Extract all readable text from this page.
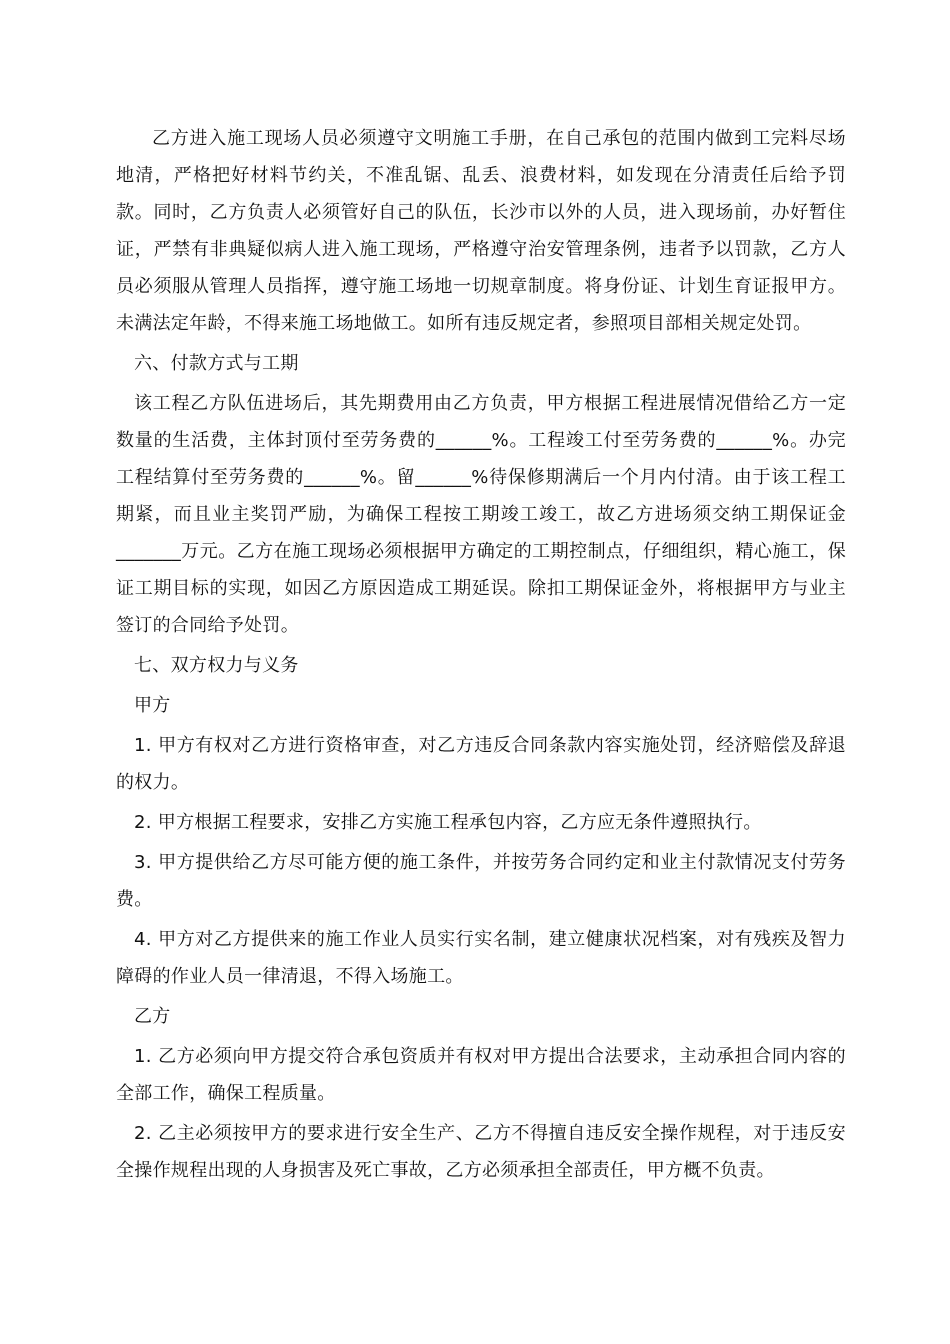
乙方进入施工现场人员必须遵守文明施工手册，在自己承包的范围内做到工完料尽场地清，严格把好材料节约关，不准乱锯、乱丢、浪费材料，如发现在分清责任后给予罚款。同时，乙方负责人必须管好自己的队伍，长沙市以外的人员，进入现场前，办好暂住证，严禁有非典疑似病人进入施工现场，严格遵守治安管理条例，违者予以罚款，乙方人员必须服从管理人员指挥，遵守施工场地一切规章制度。将身份证、计划生育证报甲方。未满法定年龄，不得来施工场地做工。如所有违反规定者，参照项目部相关规定处罚。

六、付款方式与工期

该工程乙方队伍进场后，其先期费用由乙方负责，甲方根据工程进展情况借给乙方一定数量的生活费，主体封顶付至劳务费的______%。工程竣工付至劳务费的______%。办完工程结算付至劳务费的______%。留______%待保修期满后一个月内付清。由于该工程工期紧，而且业主奖罚严励，为确保工程按工期竣工竣工，故乙方进场须交纳工期保证金_______万元。乙方在施工现场必须根据甲方确定的工期控制点，仔细组织，精心施工，保证工期目标的实现，如因乙方原因造成工期延误。除扣工期保证金外，将根据甲方与业主签订的合同给予处罚。

七、双方权力与义务

甲方

1. 甲方有权对乙方进行资格审查，对乙方违反合同条款内容实施处罚，经济赔偿及辞退的权力。

2. 甲方根据工程要求，安排乙方实施工程承包内容，乙方应无条件遵照执行。

3. 甲方提供给乙方尽可能方便的施工条件，并按劳务合同约定和业主付款情况支付劳务费。

4. 甲方对乙方提供来的施工作业人员实行实名制，建立健康状况档案，对有残疾及智力障碍的作业人员一律清退，不得入场施工。

乙方

1. 乙方必须向甲方提交符合承包资质并有权对甲方提出合法要求，主动承担合同内容的全部工作，确保工程质量。

2. 乙主必须按甲方的要求进行安全生产、乙方不得擅自违反安全操作规程，对于违反安全操作规程出现的人身损害及死亡事故，乙方必须承担全部责任，甲方概不负责。
